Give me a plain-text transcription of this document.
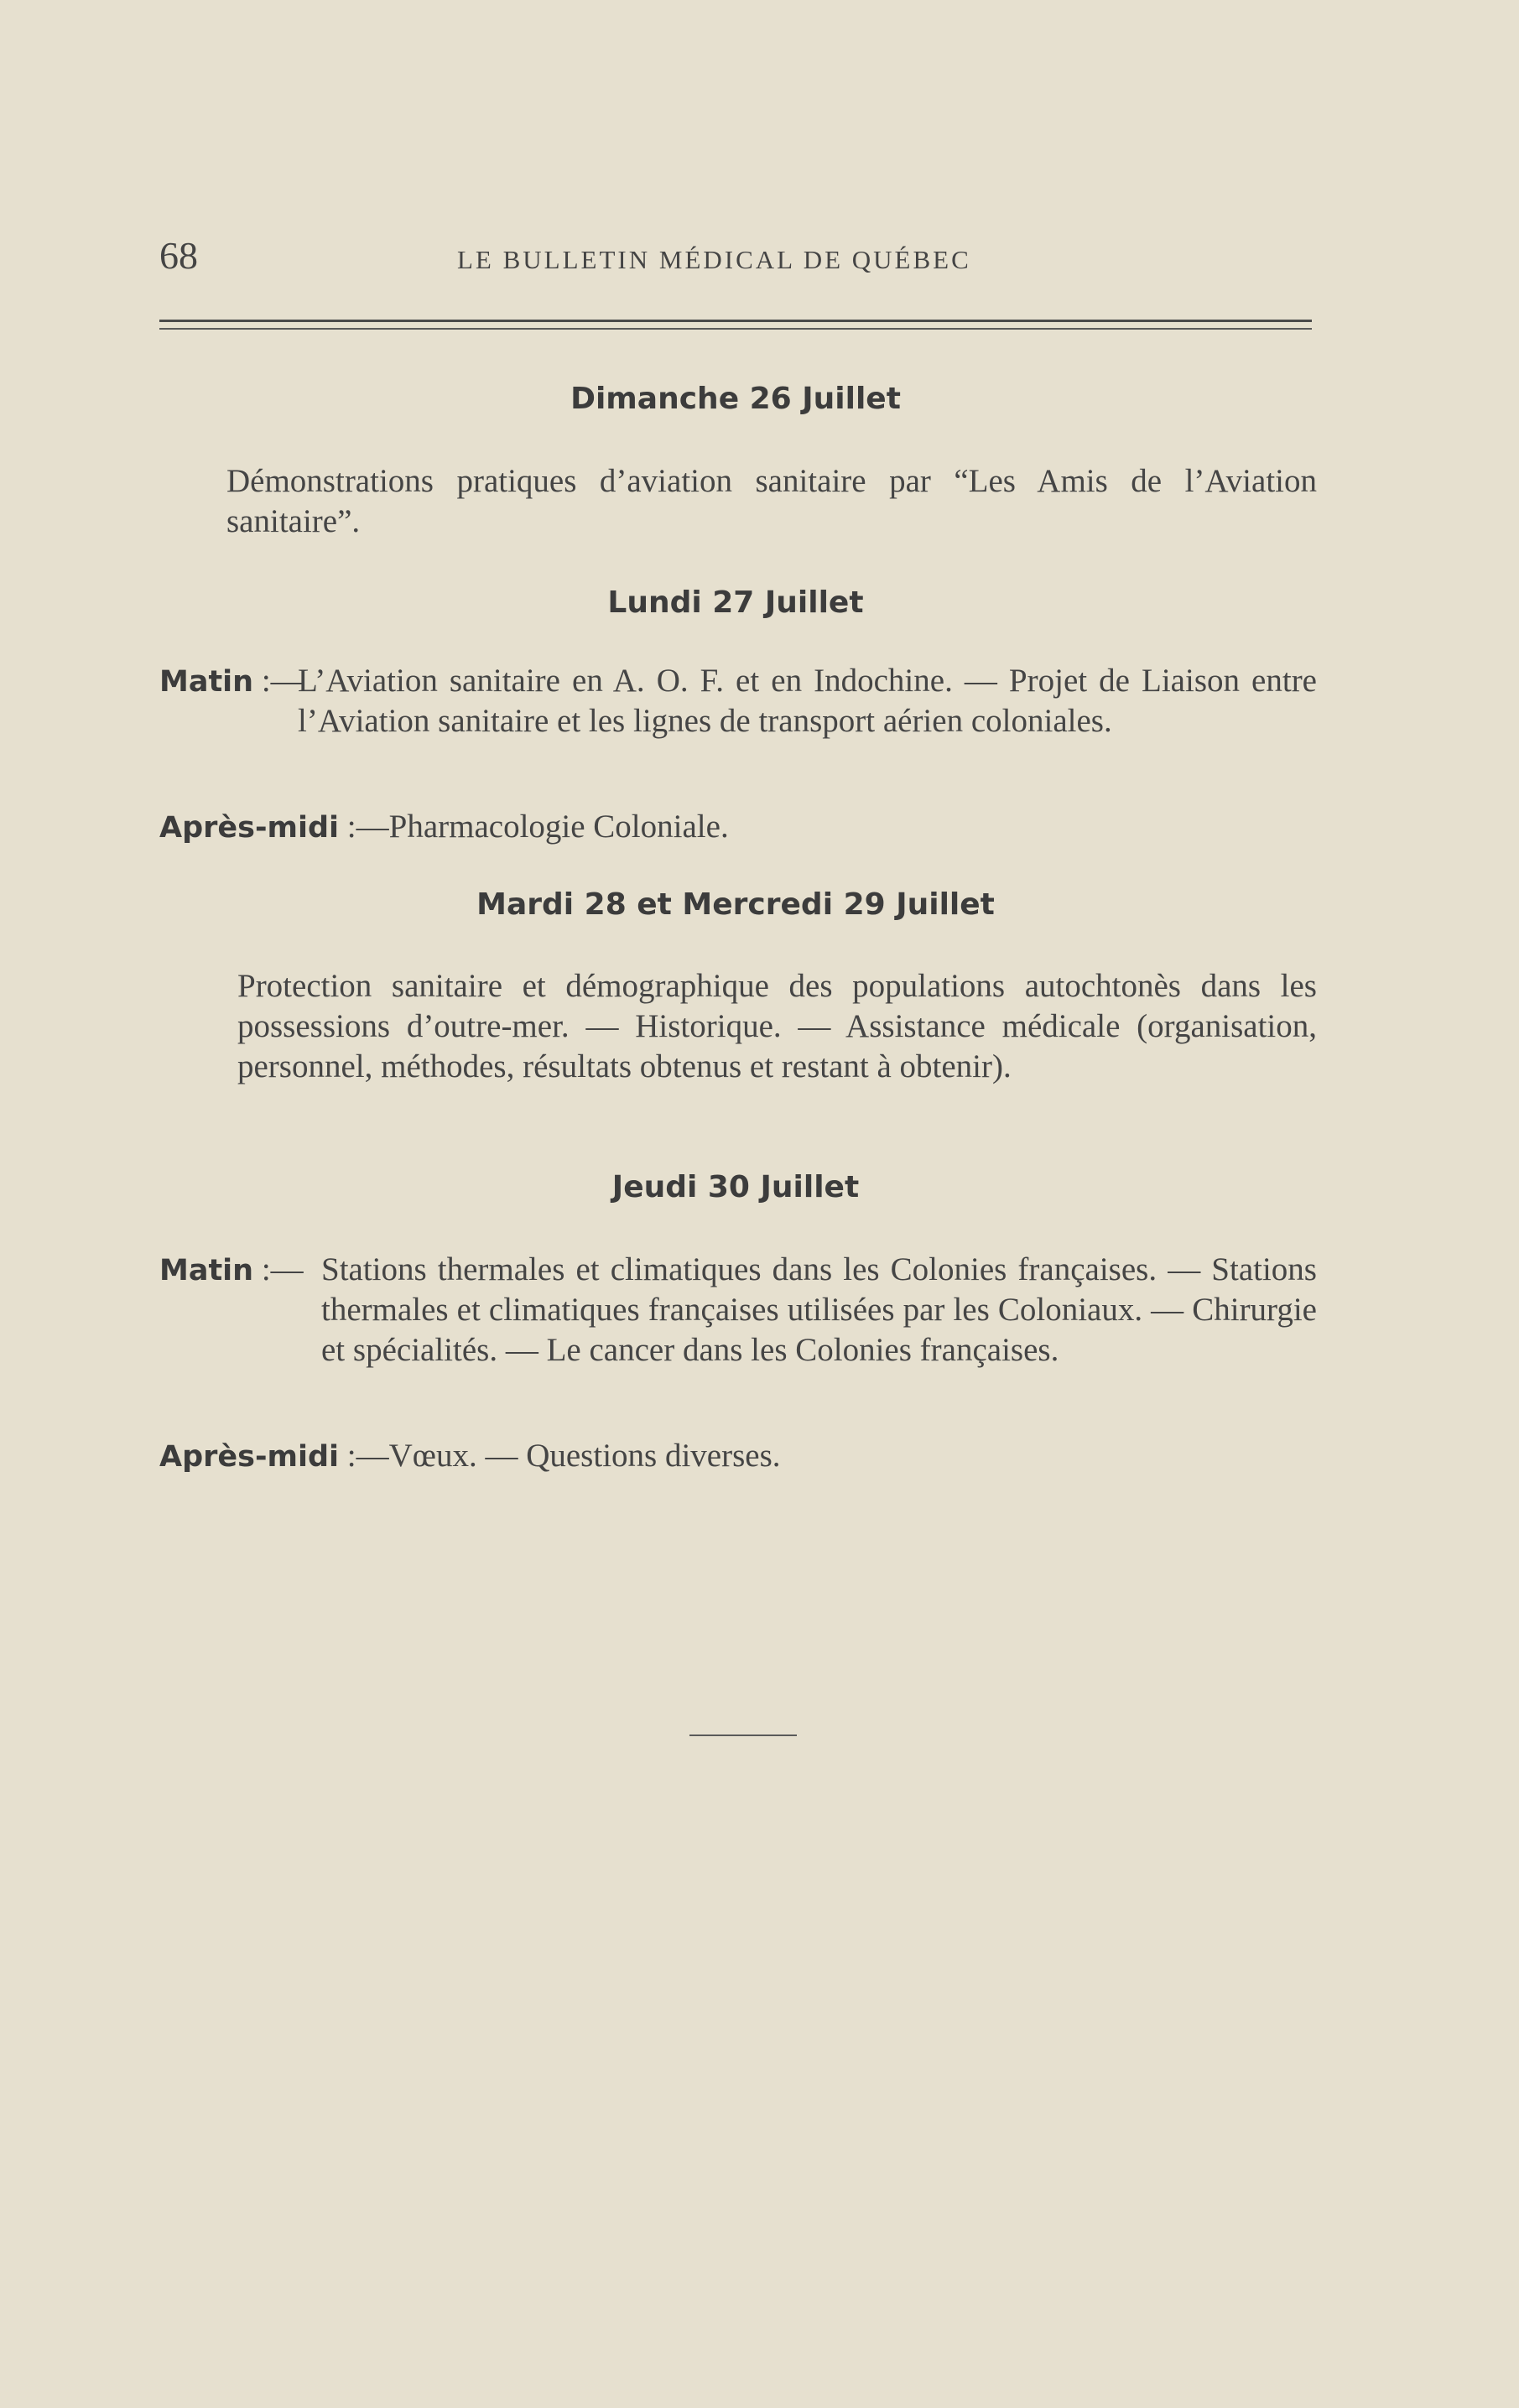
68	LE BULLETIN MÉDICAL DE QUÉBEC
Dimanche 26 Juillet
Démonstrations pratiques d’aviation sanitaire par “Les Amis de l’Aviation sanitaire”.
Lundi 27 Juillet
Matin :—
L’Aviation sanitaire en A. O. F. et en Indochine. — Projet de Liaison entre l’Aviation sanitaire et les lignes de transport aérien coloniales.
Après-midi :—Pharmacologie Coloniale.
Mardi 28 et Mercredi 29 Juillet
Protection sanitaire et démographique des populations autochtonès dans les possessions d’outre-mer. — Historique. — Assistance médicale (organisation, personnel, méthodes, résultats obtenus et restant à obtenir).
Jeudi 30 Juillet
Matin :— Stations thermales et climatiques dans les Colonies françaises. — Stations thermales et climatiques françaises utilisées par les Coloniaux. — Chirurgie et spécialités. — Le cancer dans les Colonies françaises.
Après-midi :—Vœux. — Questions diverses.
